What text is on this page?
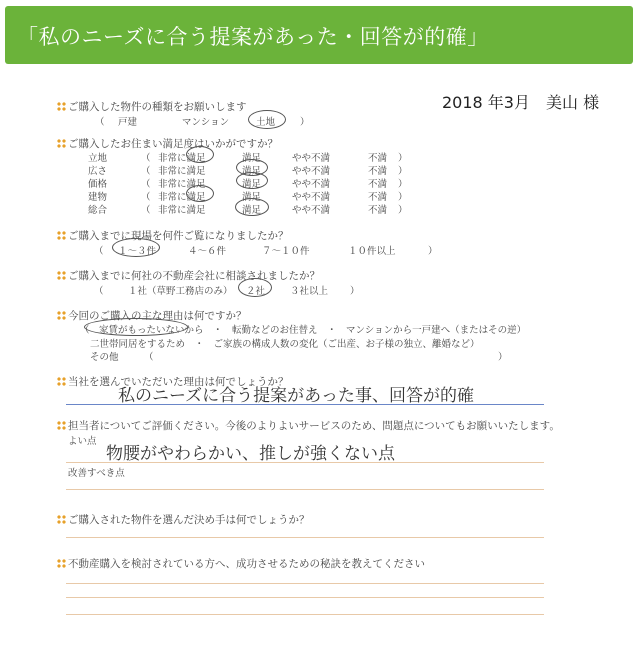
「私のニーズに合う提案があった・回答が的確」
2018 年3月　美山 様
ご購入した物件の種類をお願いします
（ 戸建	マンション	土地	）
ご購入したお住まい満足度はいかがですか？
立地	（ 非常に満足	満足	やや不満	不満 ）
広さ	（ 非常に満足	満足	やや不満	不満 ）
価格	（ 非常に満足	満足	やや不満	不満 ）
建物	（ 非常に満足	満足	やや不満	不満 ）
総合	（ 非常に満足	満足	やや不満	不満 ）
ご購入までに現場を何件ご覧になりましたか？
（ １～３件	４～６件	７～１０件	１０件以上	）
ご購入までに何社の不動産会社に相談されましたか？
（	１社（草野工務店のみ） ２社	３社以上 ）
今回のご購入の主な理由は何ですか？
（　家賃がもったいないから　・　転勤などのお住替え　・　マンションから一戸建へ（またはその逆）
二世帯同居をするため　・　ご家族の構成人数の変化（ご出産、お子様の独立、離婚など）
その他	（	）
当社を選んでいただいた理由は何でしょうか？
私のニーズに合う提案があった事、回答が的確
担当者についてご評価ください。今後のよりよいサービスのため、問題点についてもお願いいたします。
よい点
物腰がやわらかい、推しが強くない点
改善すべき点
ご購入された物件を選んだ決め手は何でしょうか？
不動産購入を検討されている方へ、成功させるための秘訣を教えてください
